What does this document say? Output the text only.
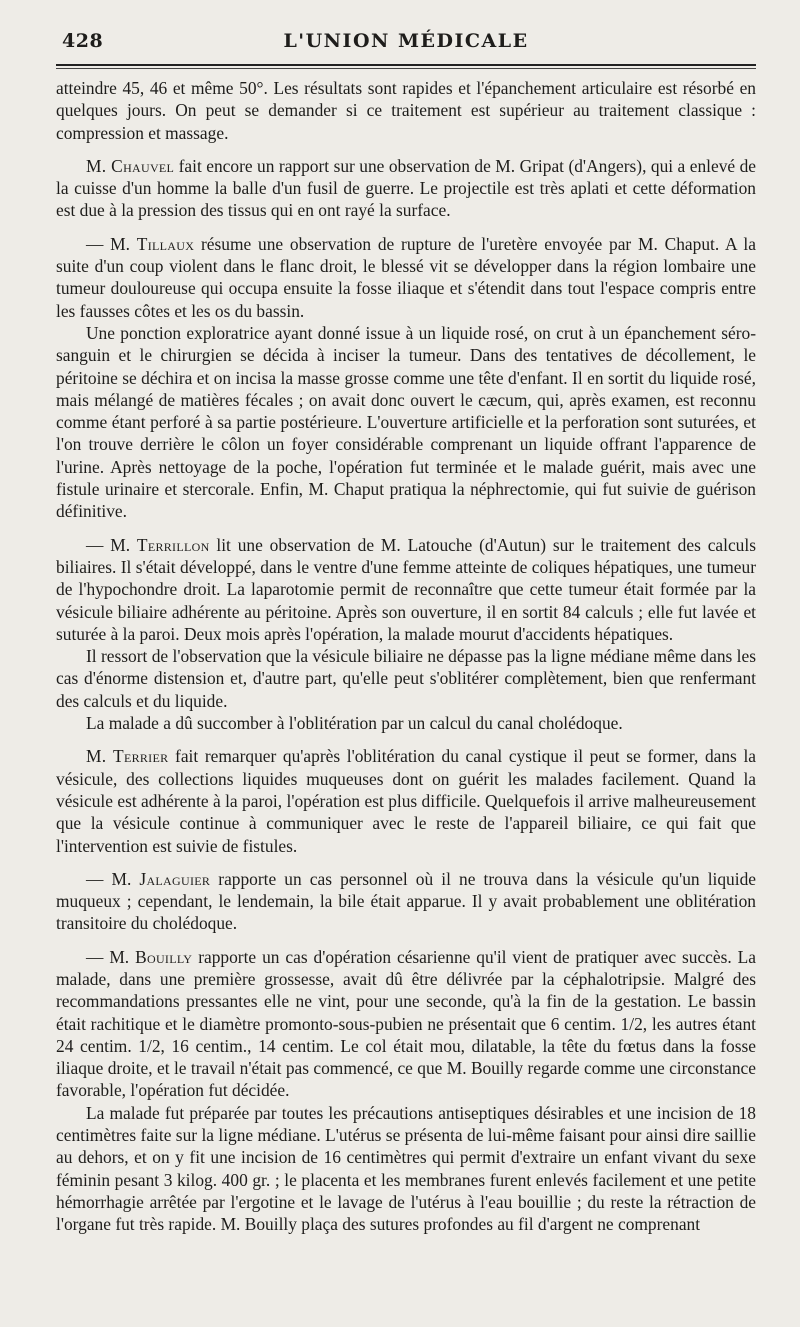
428	L'UNION MÉDICALE

atteindre 45, 46 et même 50°. Les résultats sont rapides et l'épanchement articulaire est résorbé en quelques jours. On peut se demander si ce traitement est supérieur au traitement classique : compression et massage.

M. Chauvel fait encore un rapport sur une observation de M. Gripat (d'Angers), qui a enlevé de la cuisse d'un homme la balle d'un fusil de guerre. Le projectile est très aplati et cette déformation est due à la pression des tissus qui en ont rayé la surface.

— M. Tillaux résume une observation de rupture de l'uretère envoyée par M. Chaput. A la suite d'un coup violent dans le flanc droit, le blessé vit se développer dans la région lombaire une tumeur douloureuse qui occupa ensuite la fosse iliaque et s'étendit dans tout l'espace compris entre les fausses côtes et les os du bassin.

Une ponction exploratrice ayant donné issue à un liquide rosé, on crut à un épanchement séro-sanguin et le chirurgien se décida à inciser la tumeur. Dans des tentatives de décollement, le péritoine se déchira et on incisa la masse grosse comme une tête d'enfant. Il en sortit du liquide rosé, mais mélangé de matières fécales ; on avait donc ouvert le cæcum, qui, après examen, est reconnu comme étant perforé à sa partie postérieure. L'ouverture artificielle et la perforation sont suturées, et l'on trouve derrière le côlon un foyer considérable comprenant un liquide offrant l'apparence de l'urine. Après nettoyage de la poche, l'opération fut terminée et le malade guérit, mais avec une fistule urinaire et stercorale. Enfin, M. Chaput pratiqua la néphrectomie, qui fut suivie de guérison définitive.

— M. Terrillon lit une observation de M. Latouche (d'Autun) sur le traitement des calculs biliaires. Il s'était développé, dans le ventre d'une femme atteinte de coliques hépatiques, une tumeur de l'hypochondre droit. La laparotomie permit de reconnaître que cette tumeur était formée par la vésicule biliaire adhérente au péritoine. Après son ouverture, il en sortit 84 calculs ; elle fut lavée et suturée à la paroi. Deux mois après l'opération, la malade mourut d'accidents hépatiques.

Il ressort de l'observation que la vésicule biliaire ne dépasse pas la ligne médiane même dans les cas d'énorme distension et, d'autre part, qu'elle peut s'oblitérer complètement, bien que renfermant des calculs et du liquide.

La malade a dû succomber à l'oblitération par un calcul du canal cholédoque.

M. Terrier fait remarquer qu'après l'oblitération du canal cystique il peut se former, dans la vésicule, des collections liquides muqueuses dont on guérit les malades facilement. Quand la vésicule est adhérente à la paroi, l'opération est plus difficile. Quelquefois il arrive malheureusement que la vésicule continue à communiquer avec le reste de l'appareil biliaire, ce qui fait que l'intervention est suivie de fistules.

— M. Jalaguier rapporte un cas personnel où il ne trouva dans la vésicule qu'un liquide muqueux ; cependant, le lendemain, la bile était apparue. Il y avait probablement une oblitération transitoire du cholédoque.

— M. Bouilly rapporte un cas d'opération césarienne qu'il vient de pratiquer avec succès. La malade, dans une première grossesse, avait dû être délivrée par la céphalotripsie. Malgré des recommandations pressantes elle ne vint, pour une seconde, qu'à la fin de la gestation. Le bassin était rachitique et le diamètre promonto-sous-pubien ne présentait que 6 centim. 1/2, les autres étant 24 centim. 1/2, 16 centim., 14 centim. Le col était mou, dilatable, la tête du fœtus dans la fosse iliaque droite, et le travail n'était pas commencé, ce que M. Bouilly regarde comme une circonstance favorable, l'opération fut décidée.

La malade fut préparée par toutes les précautions antiseptiques désirables et une incision de 18 centimètres faite sur la ligne médiane. L'utérus se présenta de lui-même faisant pour ainsi dire saillie au dehors, et on y fit une incision de 16 centimètres qui permit d'extraire un enfant vivant du sexe féminin pesant 3 kilog. 400 gr. ; le placenta et les membranes furent enlevés facilement et une petite hémorrhagie arrêtée par l'ergotine et le lavage de l'utérus à l'eau bouillie ; du reste la rétraction de l'organe fut très rapide. M. Bouilly plaça des sutures profondes au fil d'argent ne comprenant
